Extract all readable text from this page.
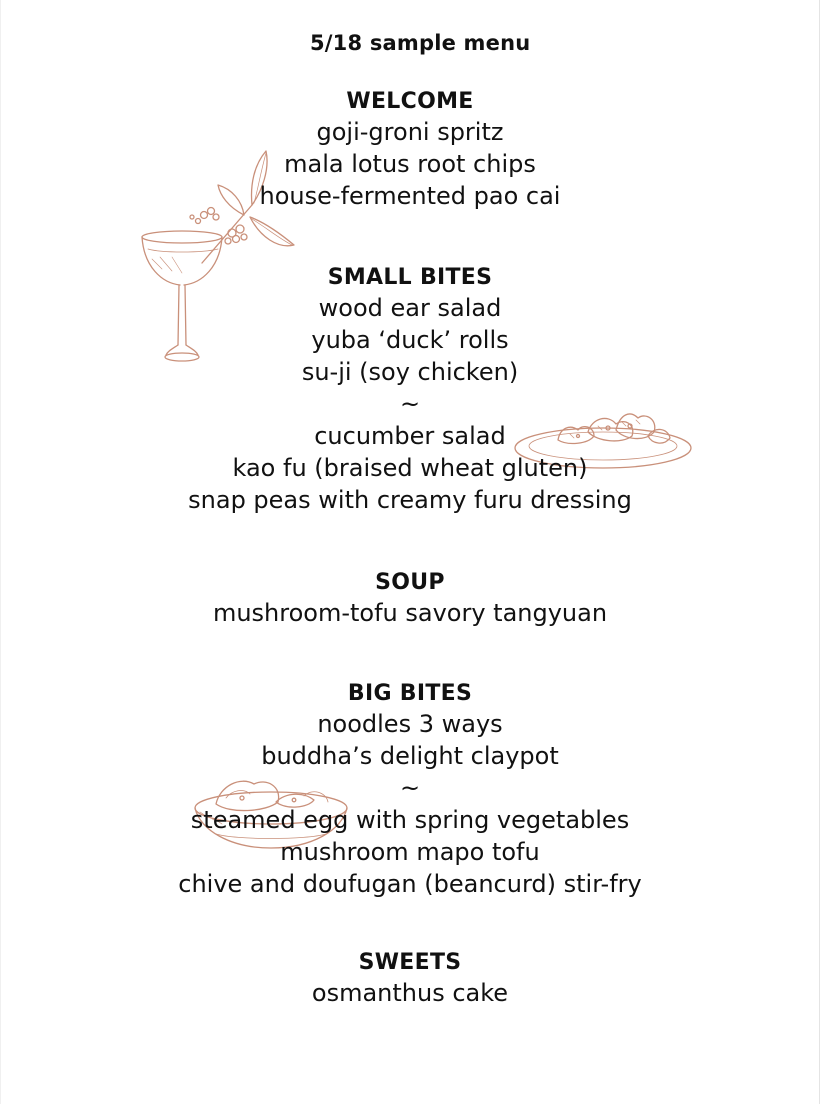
5/18 sample menu
WELCOME
goji-groni spritz
mala lotus root chips
house-fermented pao cai
SMALL BITES
wood ear salad
yuba ‘duck’ rolls
su-ji (soy chicken)
~
cucumber salad
kao fu (braised wheat gluten)
snap peas with creamy furu dressing
SOUP
mushroom-tofu savory tangyuan
BIG BITES
noodles 3 ways
buddha’s delight claypot
~
steamed egg with spring vegetables
mushroom mapo tofu
chive and doufugan (beancurd) stir-fry
SWEETS
osmanthus cake
